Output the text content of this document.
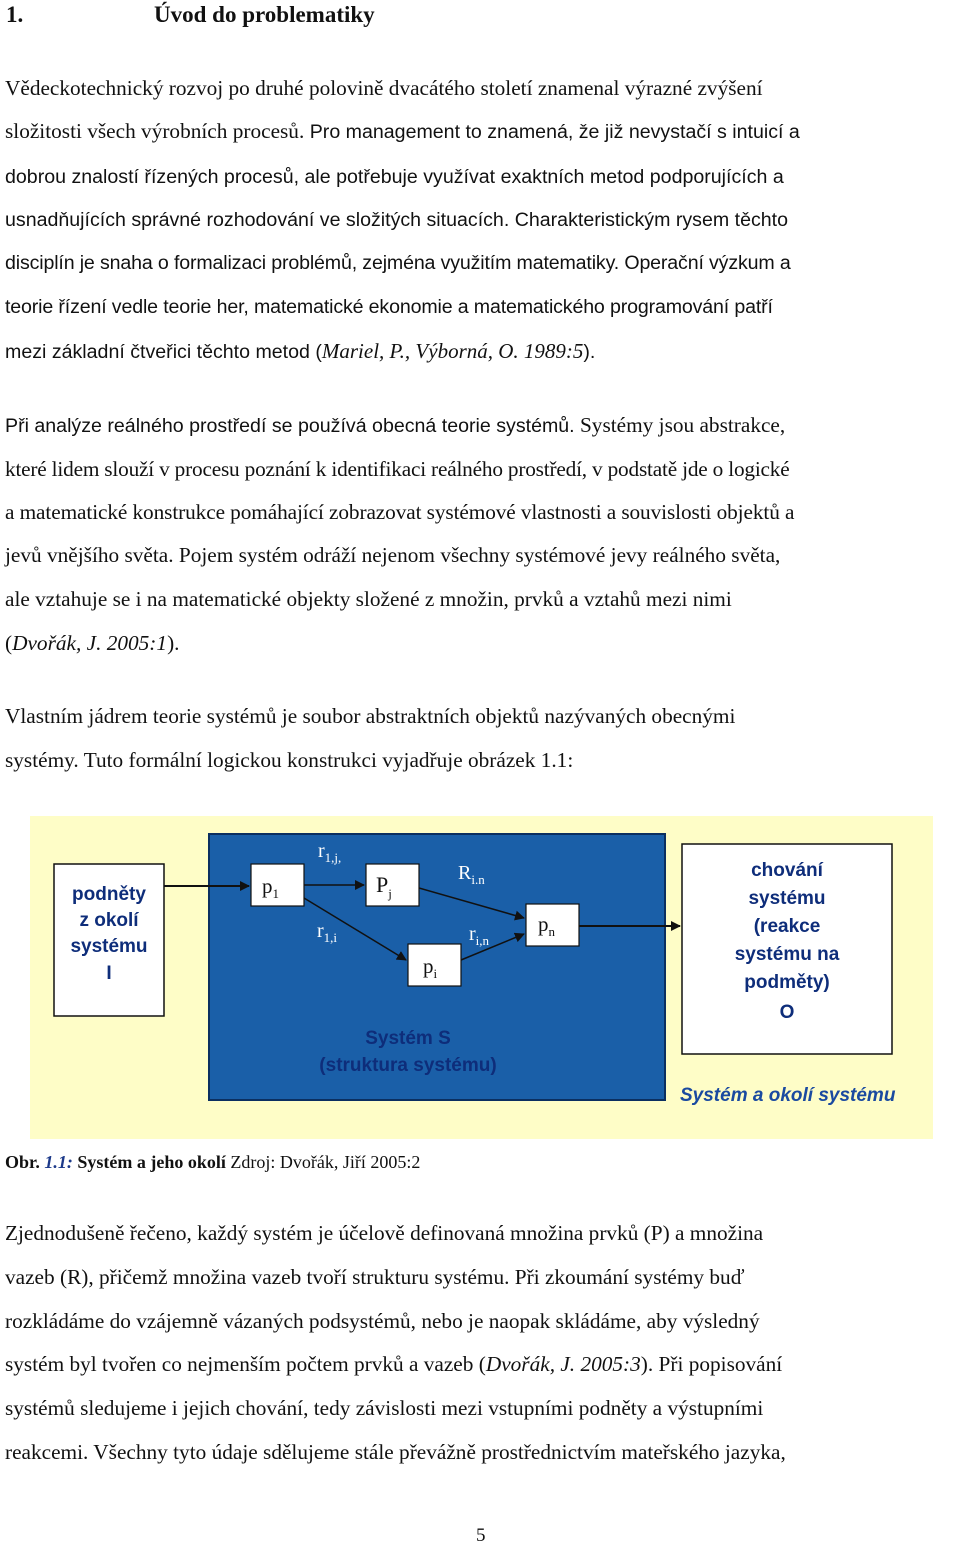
1.	Úvod do problematiky
Vědeckotechnický rozvoj po druhé polovině dvacátého století znamenal výrazné zvýšení
složitosti všech výrobních procesů. Pro management to znamená, že již nevystačí s intuicí a
dobrou znalostí řízených procesů, ale potřebuje využívat exaktních metod podporujících a
usnadňujících správné rozhodování ve složitých situacích. Charakteristickým rysem těchto
disciplín je snaha o formalizaci problémů, zejména využitím matematiky. Operační výzkum a
teorie řízení vedle teorie her, matematické ekonomie a matematického programování patří
mezi základní čtveřici těchto metod (Mariel, P., Výborná, O. 1989:5).
Při analýze reálného prostředí se používá obecná teorie systémů. Systémy jsou abstrakce,
které lidem slouží v procesu poznání k identifikaci reálného prostředí, v podstatě jde o logické
a matematické konstrukce pomáhající zobrazovat systémové vlastnosti a souvislosti objektů a
jevů vnějšího světa. Pojem systém odráží nejenom všechny systémové jevy reálného světa,
ale vztahuje se i na matematické objekty složené z množin, prvků a vztahů mezi nimi
(Dvořák, J. 2005:1).
Vlastním jádrem teorie systémů je soubor abstraktních objektů nazývaných obecnými
systémy. Tuto formální logickou konstrukci vyjadřuje obrázek 1.1:
$p_1$	$P_j$
$p_i$
$p_n$
$r_{1,j,}$
$r_{1,i}$
$R_{i.n}$
$r_{i,n}$
podněty
z okolí
systému
I
chování
systému
(reakce
systému na
podměty)
O
Systém S
(struktura systému)
Systém a okolí systému
Obr. 1.1: Systém a jeho okolí Zdroj: Dvořák, Jiří 2005:2
Zjednodušeně řečeno, každý systém je účelově definovaná množina prvků (P) a množina
vazeb (R), přičemž množina vazeb tvoří strukturu systému. Při zkoumání systémy buď
rozkládáme do vzájemně vázaných podsystémů, nebo je naopak skládáme, aby výsledný
systém byl tvořen co nejmenším počtem prvků a vazeb (Dvořák, J. 2005:3). Při popisování
systémů sledujeme i jejich chování, tedy závislosti mezi vstupními podněty a výstupními
reakcemi. Všechny tyto údaje sdělujeme stále převážně prostřednictvím mateřského jazyka,
5
